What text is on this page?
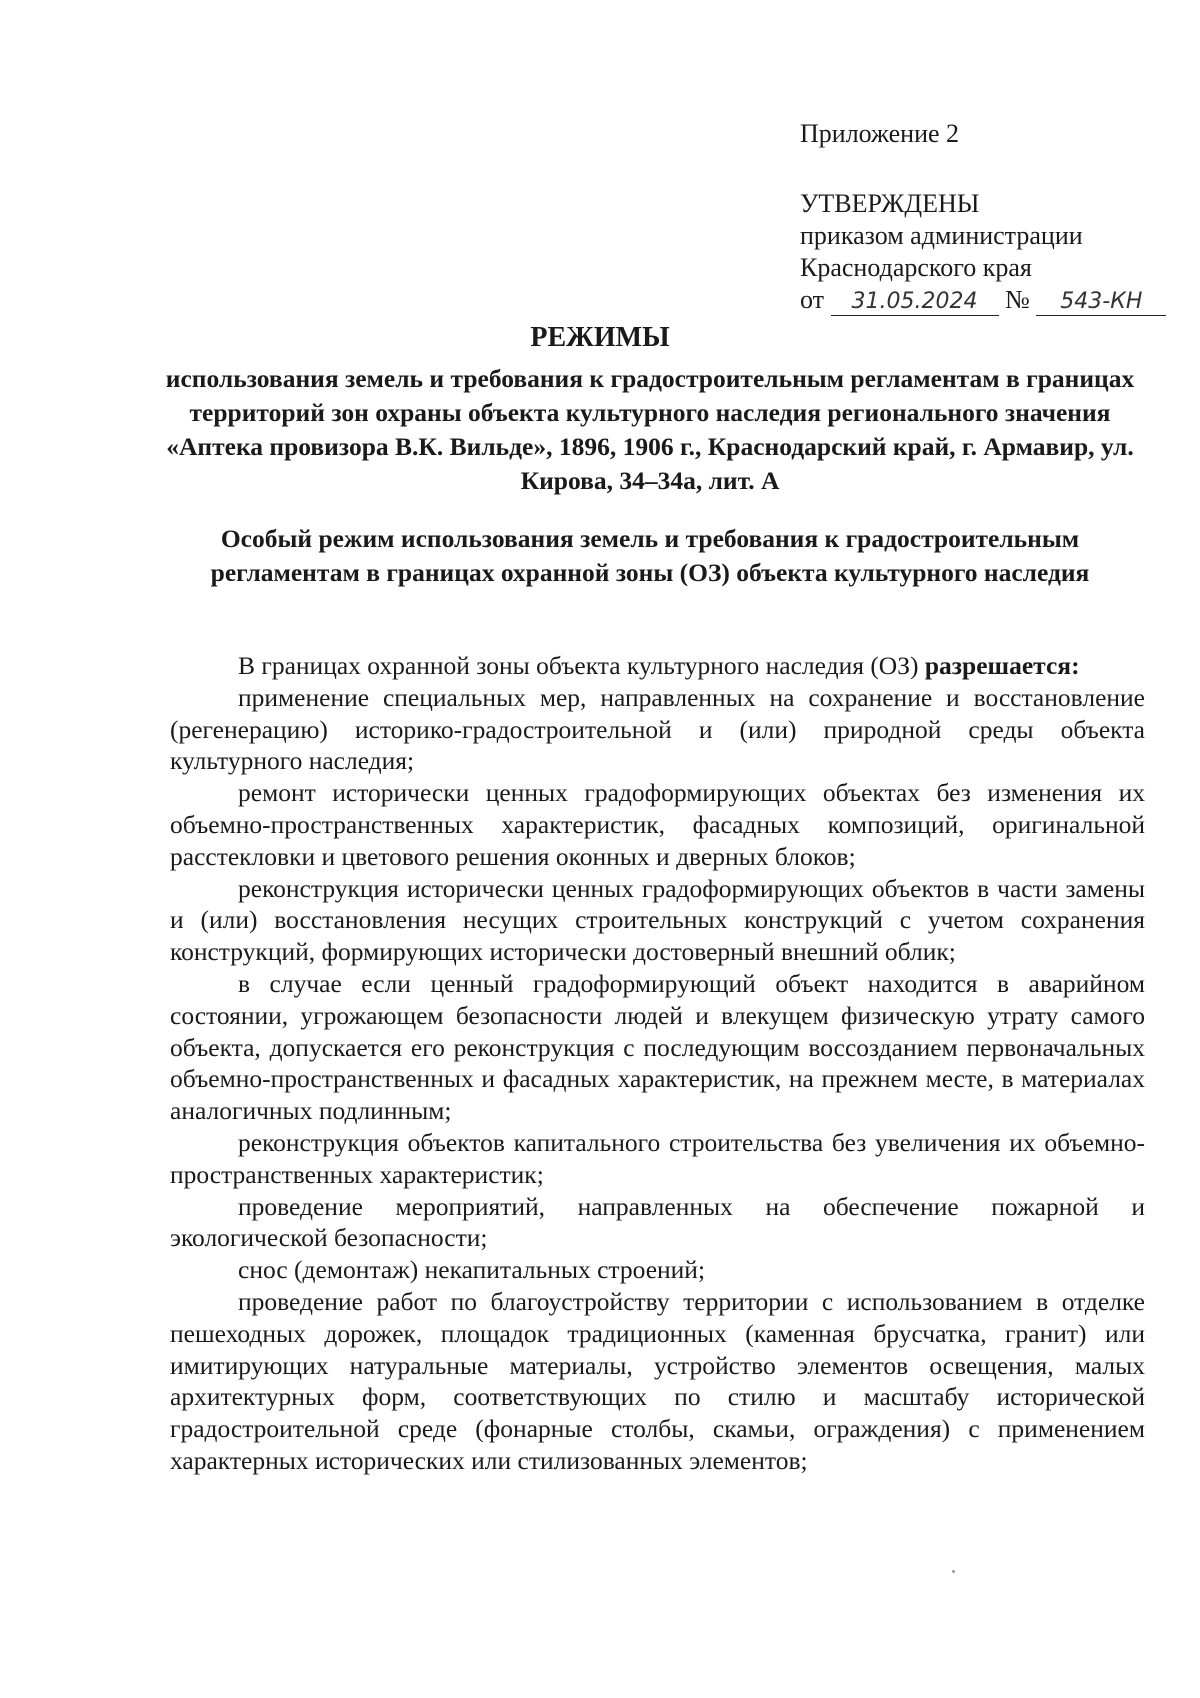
Приложение 2
УТВЕРЖДЕНЫ
приказом администрации
Краснодарского края
от 31.05.2024 № 543-КН
РЕЖИМЫ
использования земель и требования к градостроительным регламентам в границах территорий зон охраны объекта культурного наследия регионального значения «Аптека провизора В.К. Вильде», 1896, 1906 г., Краснодарский край, г. Армавир, ул. Кирова, 34–34а, лит. А
Особый режим использования земель и требования к градостроительным регламентам в границах охранной зоны (ОЗ) объекта культурного наследия

В границах охранной зоны объекта культурного наследия (ОЗ) разрешается:

применение специальных мер, направленных на сохранение и восстановление (регенерацию) историко-градостроительной и (или) природной среды объекта культурного наследия;

ремонт исторически ценных градоформирующих объектах без изменения их объемно-пространственных характеристик, фасадных композиций, оригинальной расстекловки и цветового решения оконных и дверных блоков;

реконструкция исторически ценных градоформирующих объектов в части замены и (или) восстановления несущих строительных конструкций с учетом сохранения конструкций, формирующих исторически достоверный внешний облик;

в случае если ценный градоформирующий объект находится в аварийном состоянии, угрожающем безопасности людей и влекущем физическую утрату самого объекта, допускается его реконструкция с последующим воссозданием первоначальных объемно-пространственных и фасадных характеристик, на прежнем месте, в материалах аналогичных подлинным;

реконструкция объектов капитального строительства без увеличения их объемно-пространственных характеристик;

проведение мероприятий, направленных на обеспечение пожарной и экологической безопасности;

снос (демонтаж) некапитальных строений;

проведение работ по благоустройству территории с использованием в отделке пешеходных дорожек, площадок традиционных (каменная брусчатка, гранит) или имитирующих натуральные материалы, устройство элементов освещения, малых архитектурных форм, соответствующих по стилю и масштабу исторической градостроительной среде (фонарные столбы, скамьи, ограждения) с применением характерных исторических или стилизованных элементов;
